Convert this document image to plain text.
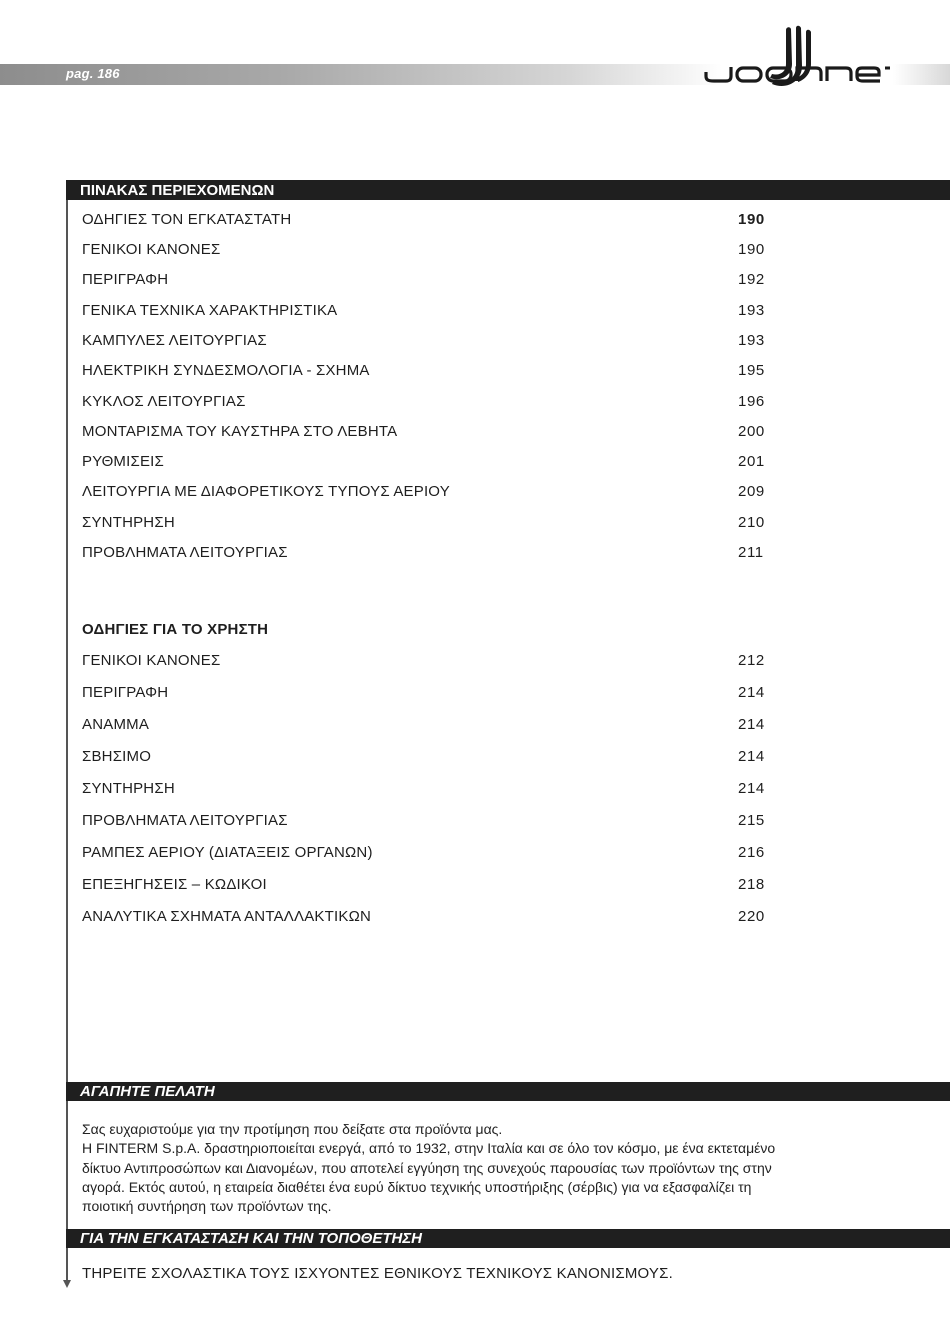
pag. 186
ΠΙΝΑΚΑΣ ΠΕΡΙΕΧΟΜΕΝΩΝ
ΟΔΗΓΙΕΣ ΤΟΝ ΕΓΚΑΤΑΣΤΑΤΗ	190
ΓΕΝΙΚΟΙ ΚΑΝΟΝΕΣ	190
ΠΕΡΙΓΡΑΦΗ	192
ΓΕΝΙΚΑ ΤΕΧΝΙΚΑ ΧΑΡΑΚΤΗΡΙΣΤΙΚΑ	193
ΚΑΜΠΥΛΕΣ ΛΕΙΤΟΥΡΓΙΑΣ	193
ΗΛΕΚΤΡΙΚΗ ΣΥΝΔΕΣΜΟΛΟΓΙΑ - ΣΧΗΜΑ	195
ΚΥΚΛΟΣ ΛΕΙΤΟΥΡΓΙΑΣ	196
ΜΟΝΤΑΡΙΣΜΑ ΤΟΥ ΚΑΥΣΤΗΡΑ ΣΤΟ ΛΕΒΗΤΑ	200
ΡΥΘΜΙΣΕΙΣ	201
ΛΕΙΤΟΥΡΓΙΑ ΜΕ ΔΙΑΦΟΡΕΤΙΚΟΥΣ ΤΥΠΟΥΣ ΑΕΡΙΟΥ	209
ΣΥΝΤΗΡΗΣΗ	210
ΠΡΟΒΛΗΜΑΤΑ ΛΕΙΤΟΥΡΓΙΑΣ	211
ΟΔΗΓΙΕΣ ΓΙΑ ΤΟ ΧΡΗΣΤΗ
ΓΕΝΙΚΟΙ ΚΑΝΟΝΕΣ	212
ΠΕΡΙΓΡΑΦΗ	214
ΑΝΑΜΜΑ	214
ΣΒΗΣΙΜΟ	214
ΣΥΝΤΗΡΗΣΗ	214
ΠΡΟΒΛΗΜΑΤΑ ΛΕΙΤΟΥΡΓΙΑΣ	215
ΡΑΜΠΕΣ ΑΕΡΙΟΥ (ΔΙΑΤΑΞΕΙΣ ΟΡΓΑΝΩΝ)	216
ΕΠΕΞΗΓΗΣΕΙΣ – ΚΩΔΙΚΟΙ	218
ΑΝΑΛΥΤΙΚΑ ΣΧΗΜΑΤΑ ΑΝΤΑΛΛΑΚΤΙΚΩΝ	220
ΑΓΑΠΗΤΕ ΠΕΛΑΤΗ

Σας ευχαριστούμε για την προτίμηση που δείξατε στα προϊόντα μας.

Η FINTERM S.p.A. δραστηριοποιείται ενεργά, από το 1932, στην Ιταλία και σε όλο τον κόσμο, με ένα εκτεταμένο

δίκτυο Αντιπροσώπων και Διανομέων, που αποτελεί εγγύηση της συνεχούς παρουσίας των προϊόντων της στην

αγορά. Εκτός αυτού, η εταιρεία διαθέτει ένα ευρύ δίκτυο τεχνικής υποστήριξης (σέρβις) για να εξασφαλίζει τη

ποιοτική συντήρηση των προϊόντων της.

ΓΙΑ ΤΗΝ ΕΓΚΑΤΑΣΤΑΣΗ ΚΑΙ ΤΗΝ ΤΟΠΟΘΕΤΗΣΗ
ΤΗΡΕΙΤΕ ΣΧΟΛΑΣΤΙΚΑ ΤΟΥΣ ΙΣΧΥΟΝΤΕΣ ΕΘΝΙΚΟΥΣ ΤΕΧΝΙΚΟΥΣ ΚΑΝΟΝΙΣΜΟΥΣ.
